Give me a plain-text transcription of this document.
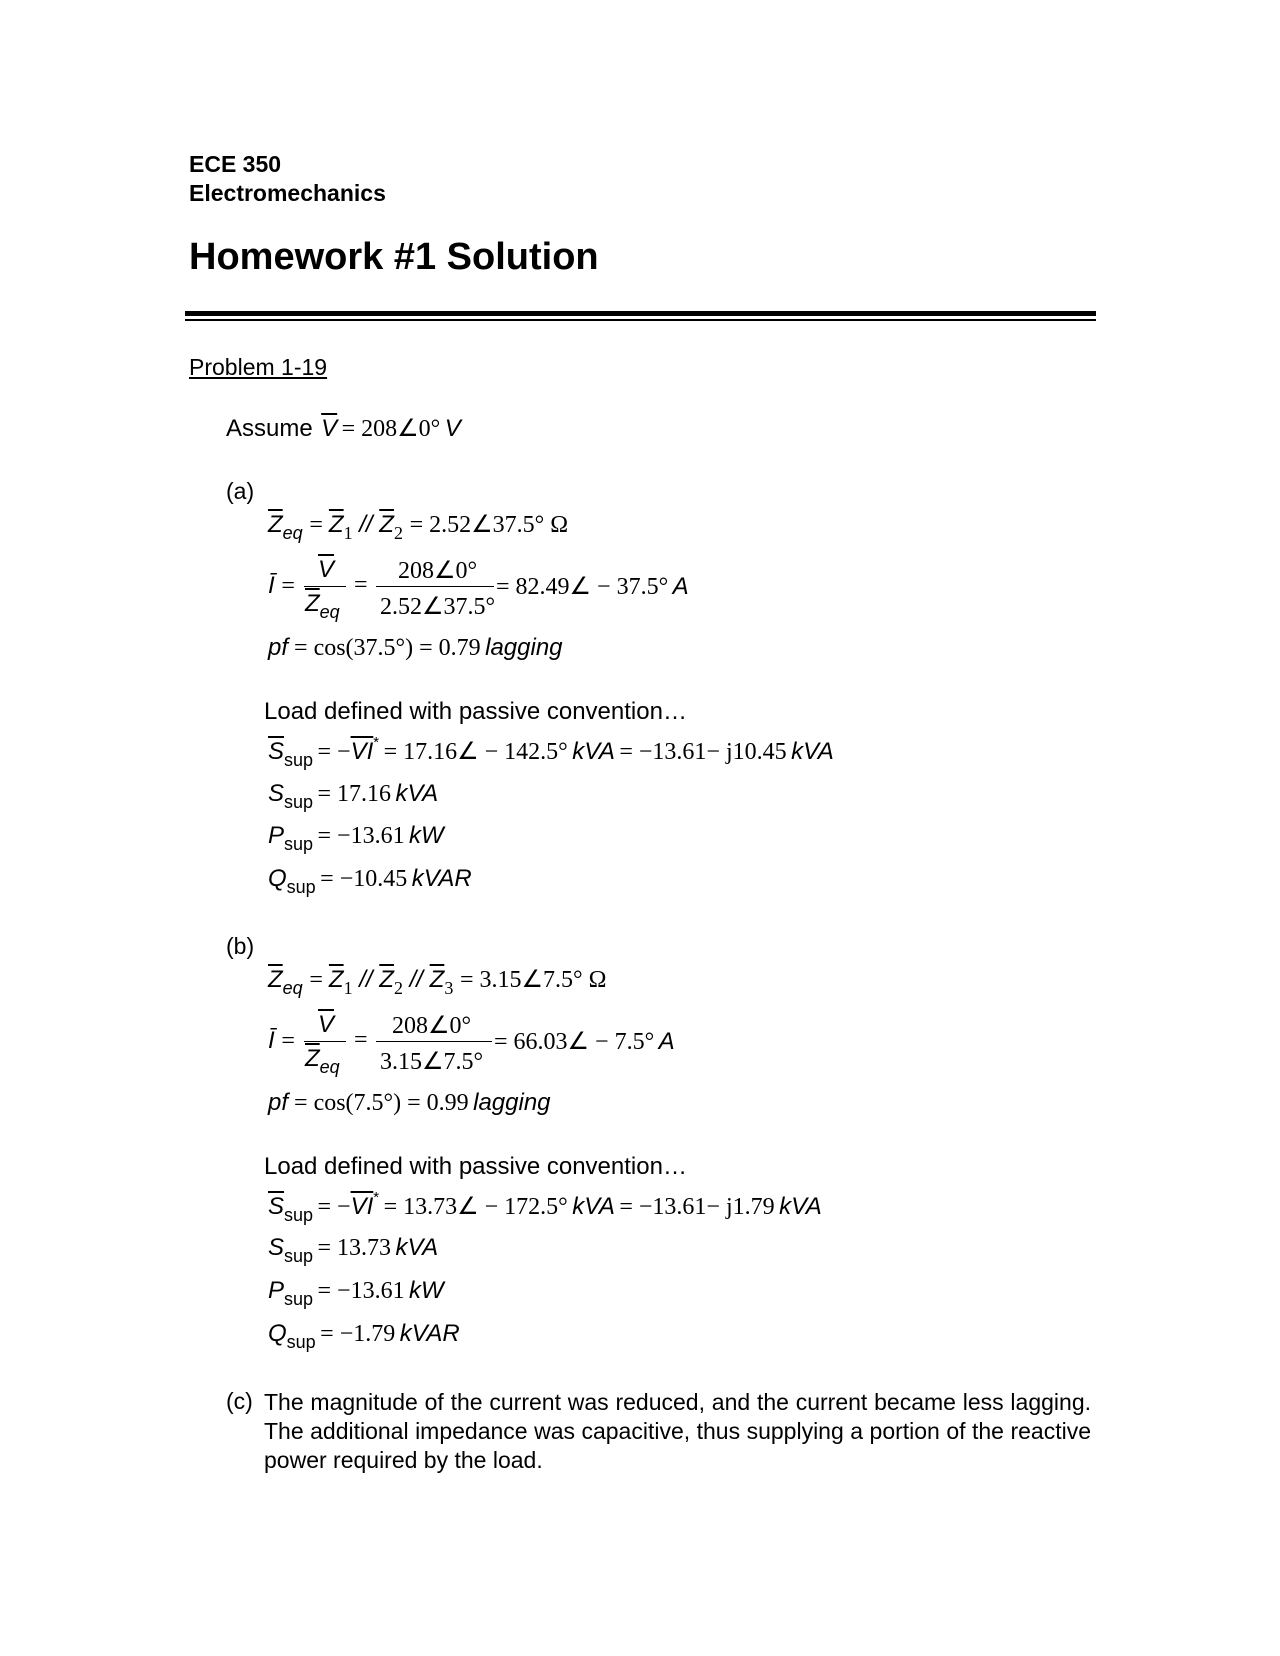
ECE 350
Electromechanics
Homework #1 Solution
Problem 1-19
Assume $\overline{V}$ = 208∠0° V
(a)
$\overline{Z}_{eq} = \overline{Z}_1 // \overline{Z}_2$ = 2.52∠37.5° Ω
Ī =
$\overline{V}$
$\overline{Z}eq$
=
208∠0°
2.52∠37.5°
= 82.49∠ − 37.5° A
pf = cos(37.5°) = 0.79 lagging
Load defined with passive convention…
$\overline{S}sup = -\overline{VI}*$ = 17.16∠ − 142.5° kVA = −13.61− j10.45 kVA
Ssup = 17.16 kVA
Psup = −13.61 kW
Qsup = −10.45 kVAR
(b)
$\overline{Z}_{eq} = \overline{Z}_1 // \overline{Z}_2 // \overline{Z}_3$ = 3.15∠7.5° Ω
Ī =
$\overline{V}$
$\overline{Z}eq$
=
208∠0°
3.15∠7.5°
= 66.03∠ − 7.5° A
pf = cos(7.5°) = 0.99 lagging
Load defined with passive convention…
$\overline{S}sup = -\overline{VI}*$ = 13.73∠ − 172.5° kVA = −13.61− j1.79 kVA
Ssup = 13.73 kVA
Psup = −13.61 kW
Qsup = −1.79 kVAR
(c) The magnitude of the current was reduced, and the current became less lagging. The additional impedance was capacitive, thus supplying a portion of the reactive power required by the load.
